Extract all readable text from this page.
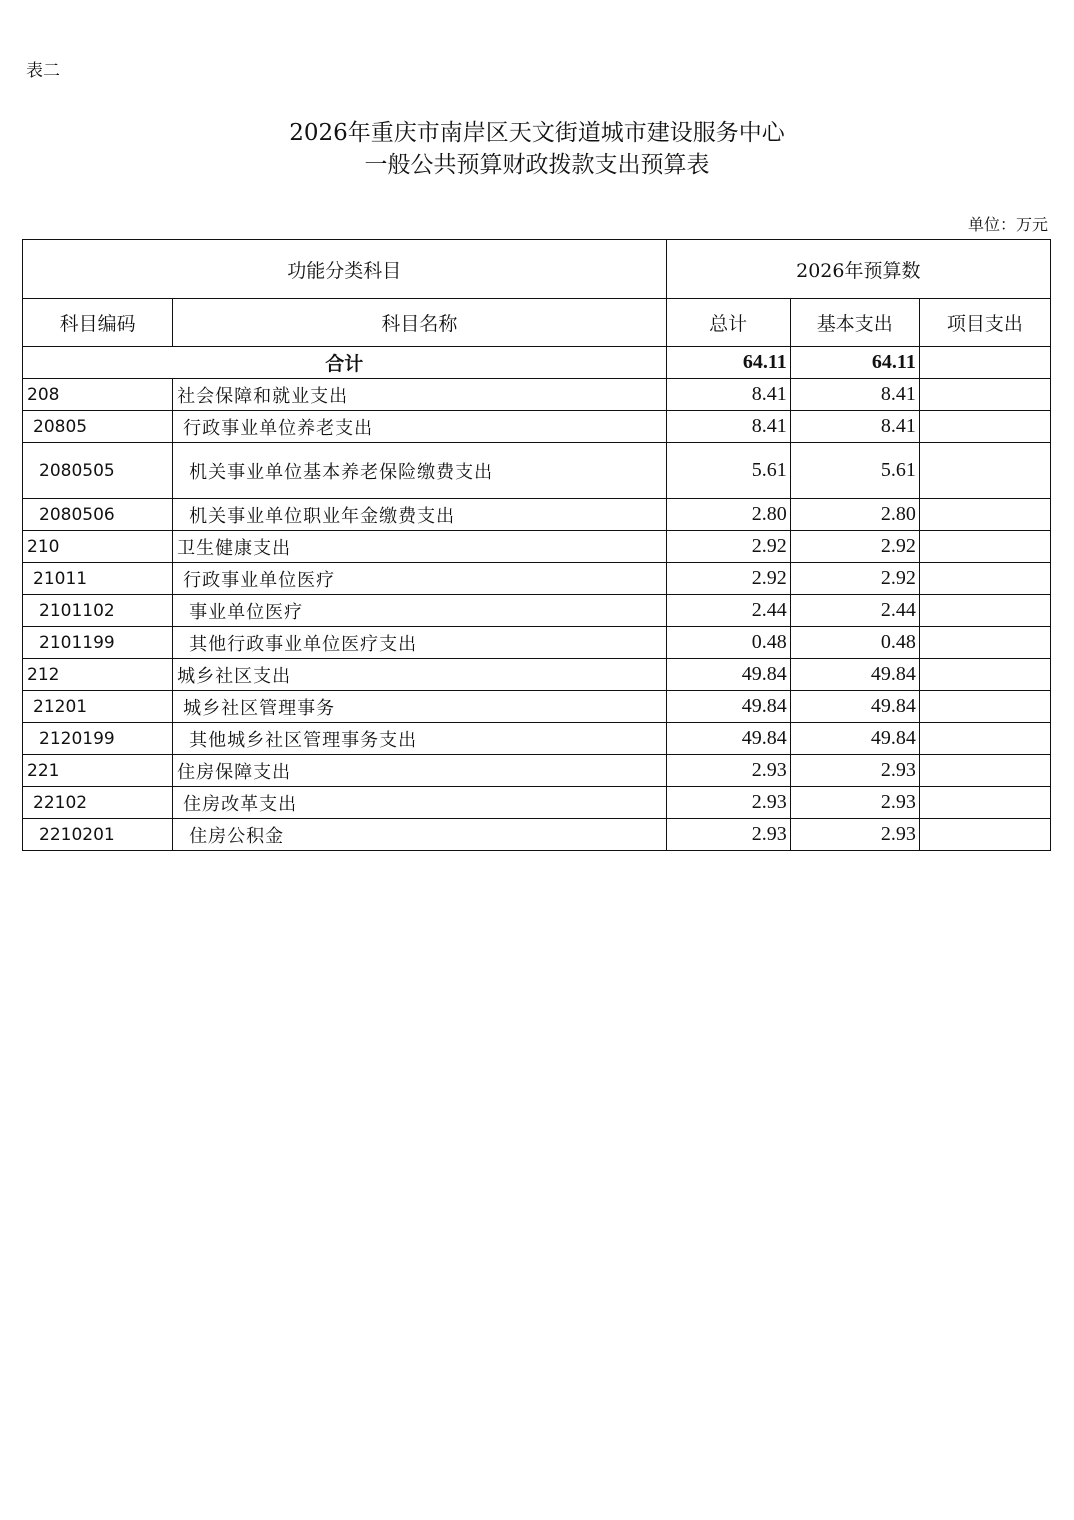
表二
2026年重庆市南岸区天文街道城市建设服务中心
一般公共预算财政拨款支出预算表
单位：万元
功能分类科目		2026年预算数		
科目编码	科目名称	总计	基本支出	项目支出
合计		64.11	64.11	
208	社会保障和就业支出	8.41	8.41	
20805	行政事业单位养老支出	8.41	8.41	
2080505	机关事业单位基本养老保险缴费支出	5.61	5.61	
2080506	机关事业单位职业年金缴费支出	2.80	2.80	
210	卫生健康支出	2.92	2.92	
21011	行政事业单位医疗	2.92	2.92	
2101102	事业单位医疗	2.44	2.44	
2101199	其他行政事业单位医疗支出	0.48	0.48	
212	城乡社区支出	49.84	49.84	
21201	城乡社区管理事务	49.84	49.84	
2120199	其他城乡社区管理事务支出	49.84	49.84	
221	住房保障支出	2.93	2.93	
22102	住房改革支出	2.93	2.93	
2210201	住房公积金	2.93	2.93	
